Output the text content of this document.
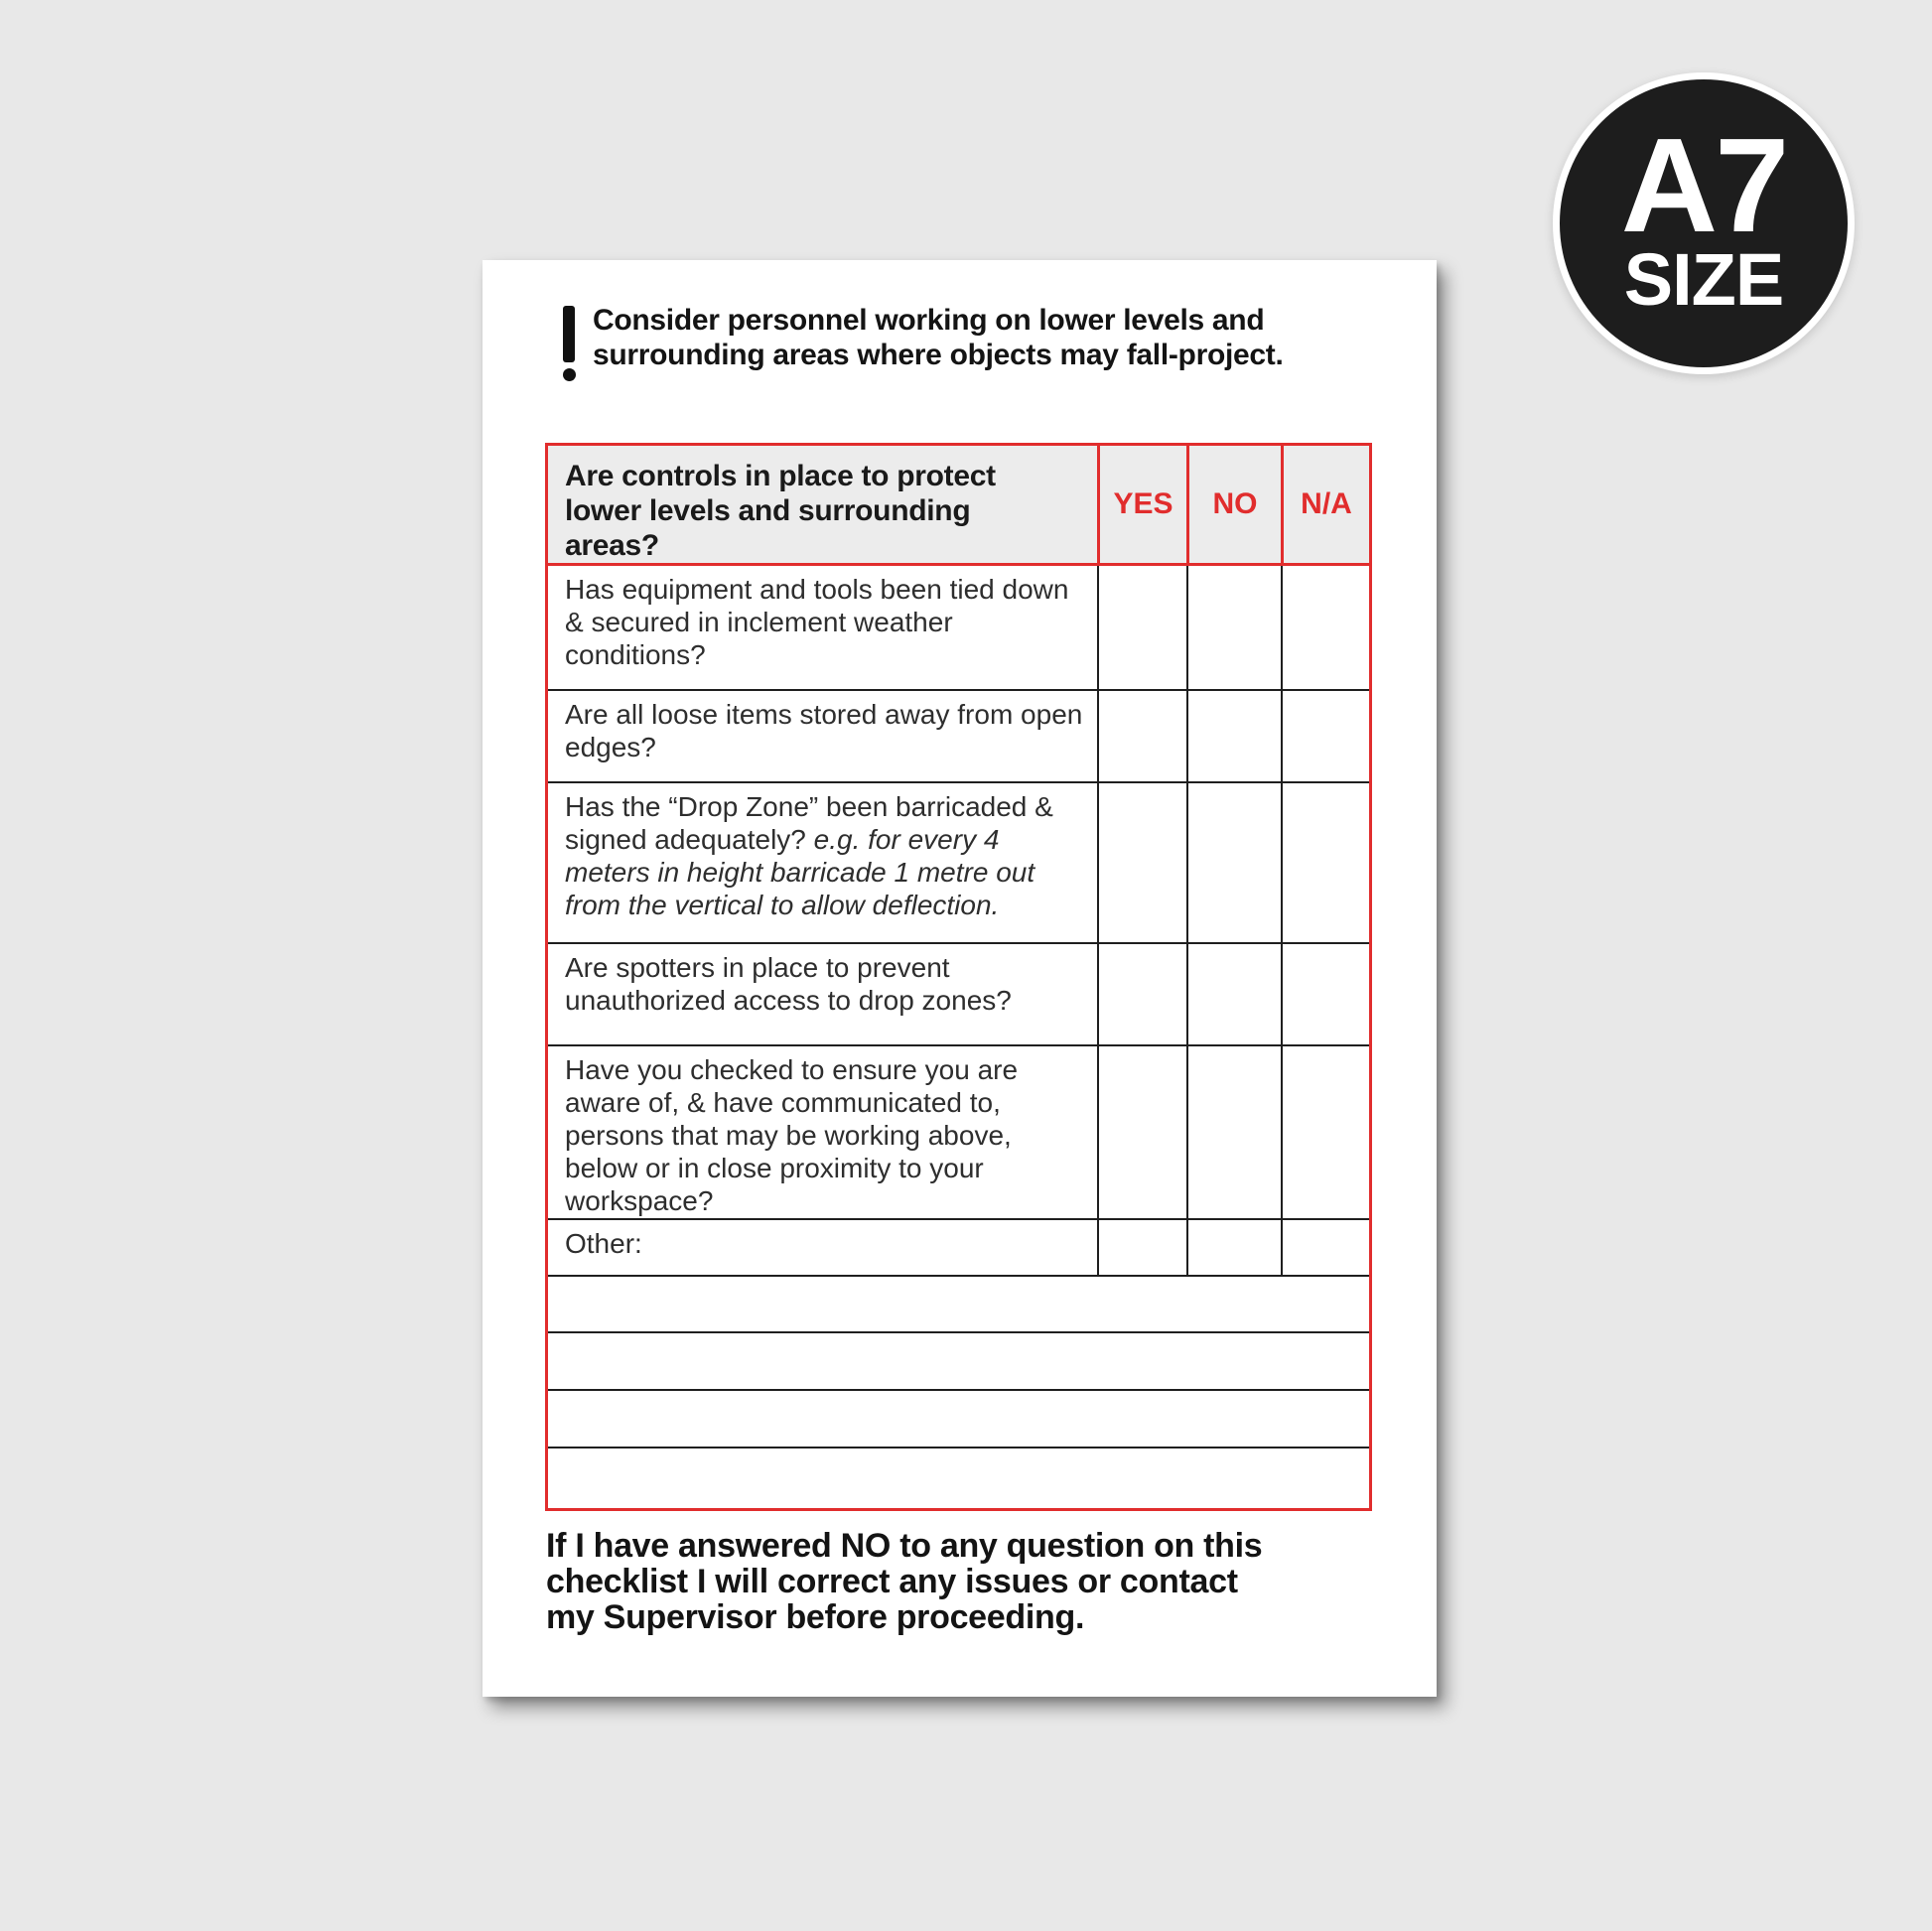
Consider personnel working on lower levels and
surrounding areas where objects may fall-project.
Are controls in place to protect
lower levels and surrounding
areas?
YES	NO	N/A
Has equipment and tools been tied down & secured in inclement weather conditions?
Are all loose items stored away from open edges?
Has the “Drop Zone” been barricaded & signed adequately? e.g. for every 4 meters in height barricade 1 metre out from the vertical to allow deflection.
Are spotters in place to prevent unauthorized access to drop zones?
Have you checked to ensure you are aware of, & have communicated to, persons that may be working above, below or in close proximity to your workspace?
Other:
If I have answered NO to any question on this
checklist I will correct any issues or contact
my Supervisor before proceeding.
A7
SIZE
